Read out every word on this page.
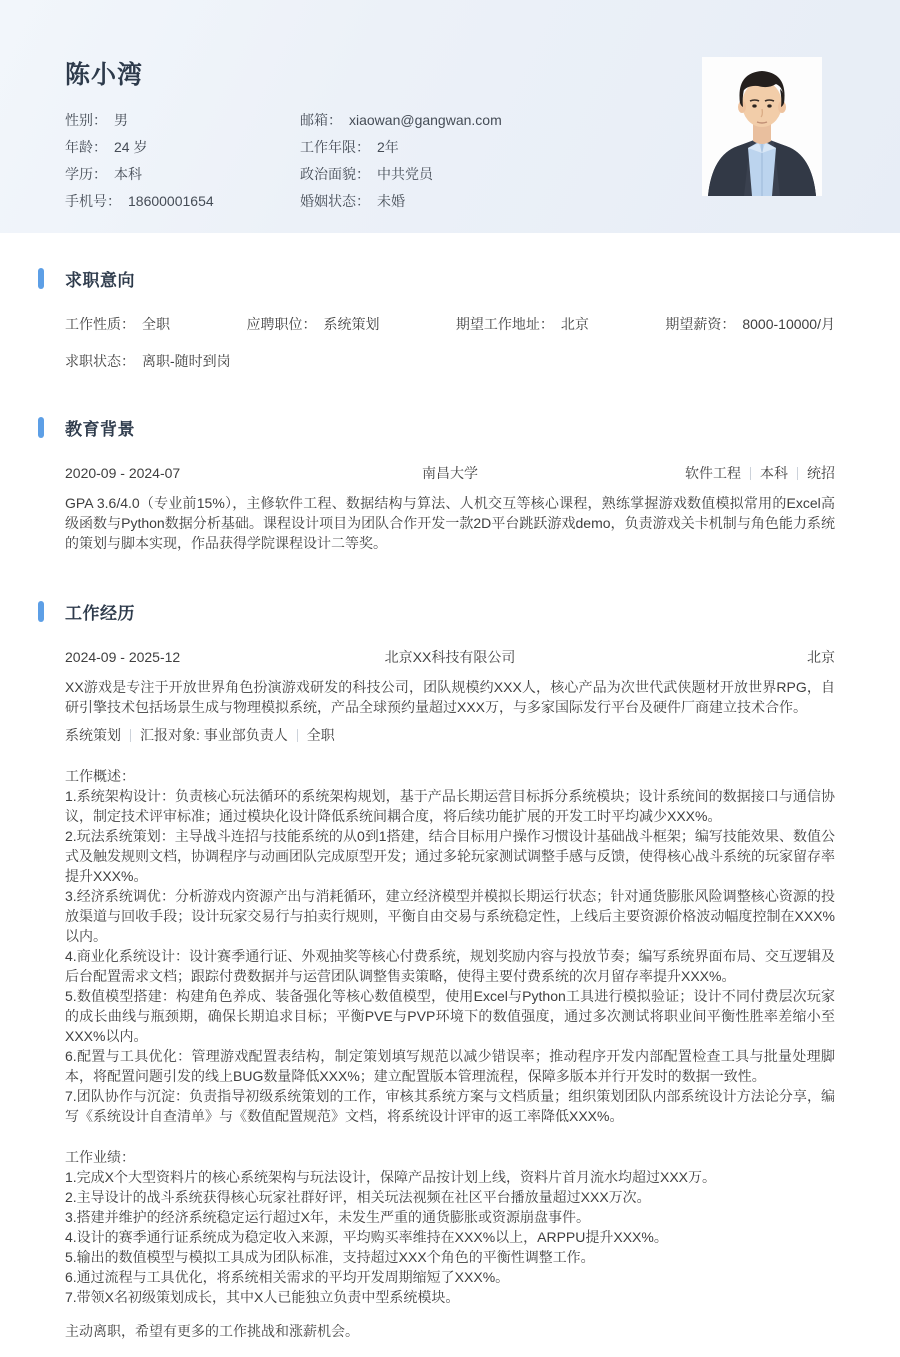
陈小湾
性别： 男	邮箱： xiaowan@gangwan.com
年龄： 24 岁	工作年限： 2年
学历： 本科	政治面貌： 中共党员
手机号： 18600001654	婚姻状态： 未婚
求职意向
工作性质： 全职	应聘职位： 系统策划	期望工作地址： 北京	期望薪资： 8000-10000/月
求职状态： 离职-随时到岗
教育背景
2020-09 - 2024-07	南昌大学	软件工程 本科 统招

GPA 3.6/4.0（专业前15%），主修软件工程、数据结构与算法、人机交互等核心课程，熟练掌握游戏数值模拟常用的Excel高级函数与Python数据分析基础。课程设计项目为团队合作开发一款2D平台跳跃游戏demo，负责游戏关卡机制与角色能力系统的策划与脚本实现，作品获得学院课程设计二等奖。

工作经历
2024-09 - 2025-12	北京XX科技有限公司	北京

XX游戏是专注于开放世界角色扮演游戏研发的科技公司，团队规模约XXX人，核心产品为次世代武侠题材开放世界RPG，自研引擎技术包括场景生成与物理模拟系统，产品全球预约量超过XXX万，与多家国际发行平台及硬件厂商建立技术合作。

系统策划 汇报对象: 事业部负责人 全职

工作概述：

1.系统架构设计：负责核心玩法循环的系统架构规划，基于产品长期运营目标拆分系统模块；设计系统间的数据接口与通信协议，制定技术评审标准；通过模块化设计降低系统间耦合度，将后续功能扩展的开发工时平均减少XXX%。

2.玩法系统策划：主导战斗连招与技能系统的从0到1搭建，结合目标用户操作习惯设计基础战斗框架；编写技能效果、数值公式及触发规则文档，协调程序与动画团队完成原型开发；通过多轮玩家测试调整手感与反馈，使得核心战斗系统的玩家留存率提升XXX%。

3.经济系统调优：分析游戏内资源产出与消耗循环，建立经济模型并模拟长期运行状态；针对通货膨胀风险调整核心资源的投放渠道与回收手段；设计玩家交易行与拍卖行规则，平衡自由交易与系统稳定性，上线后主要资源价格波动幅度控制在XXX%以内。

4.商业化系统设计：设计赛季通行证、外观抽奖等核心付费系统，规划奖励内容与投放节奏；编写系统界面布局、交互逻辑及后台配置需求文档；跟踪付费数据并与运营团队调整售卖策略，使得主要付费系统的次月留存率提升XXX%。

5.数值模型搭建：构建角色养成、装备强化等核心数值模型，使用Excel与Python工具进行模拟验证；设计不同付费层次玩家的成长曲线与瓶颈期，确保长期追求目标；平衡PVE与PVP环境下的数值强度，通过多次测试将职业间平衡性胜率差缩小至XXX%以内。

6.配置与工具优化：管理游戏配置表结构，制定策划填写规范以减少错误率；推动程序开发内部配置检查工具与批量处理脚本，将配置问题引发的线上BUG数量降低XXX%；建立配置版本管理流程，保障多版本并行开发时的数据一致性。

7.团队协作与沉淀：负责指导初级系统策划的工作，审核其系统方案与文档质量；组织策划团队内部系统设计方法论分享，编写《系统设计自查清单》与《数值配置规范》文档，将系统设计评审的返工率降低XXX%。

工作业绩：

1.完成X个大型资料片的核心系统架构与玩法设计，保障产品按计划上线，资料片首月流水均超过XXX万。

2.主导设计的战斗系统获得核心玩家社群好评，相关玩法视频在社区平台播放量超过XXX万次。

3.搭建并维护的经济系统稳定运行超过X年，未发生严重的通货膨胀或资源崩盘事件。

4.设计的赛季通行证系统成为稳定收入来源，平均购买率维持在XXX%以上，ARPPU提升XXX%。

5.输出的数值模型与模拟工具成为团队标准，支持超过XXX个角色的平衡性调整工作。

6.通过流程与工具优化，将系统相关需求的平均开发周期缩短了XXX%。

7.带领X名初级策划成长，其中X人已能独立负责中型系统模块。

主动离职，希望有更多的工作挑战和涨薪机会。
